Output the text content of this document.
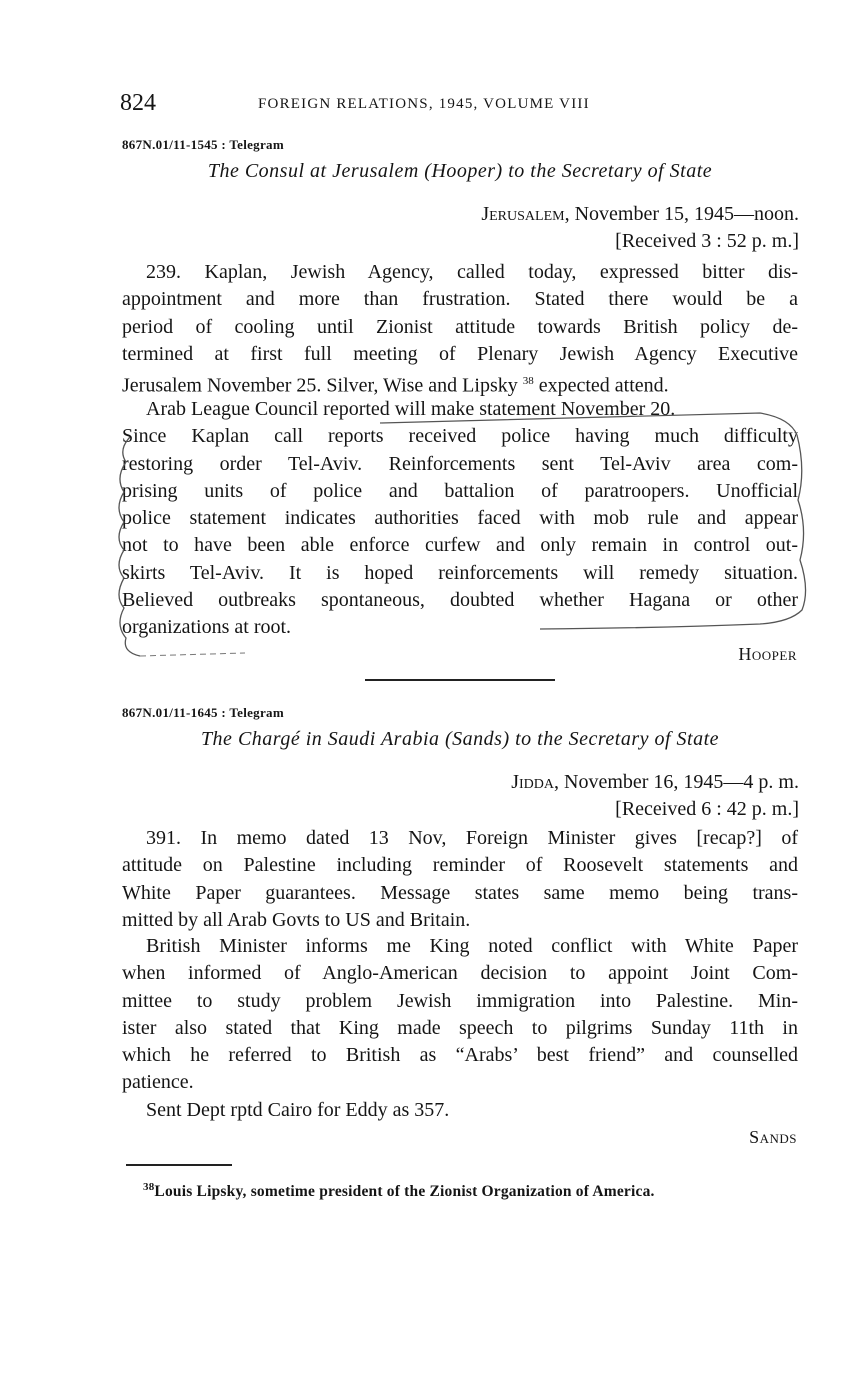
824	FOREIGN RELATIONS, 1945, VOLUME VIII
867N.01/11-1545 : Telegram
The Consul at Jerusalem (Hooper) to the Secretary of State
Jerusalem, November 15, 1945—noon.
[Received 3 : 52 p. m.]
239. Kaplan, Jewish Agency, called today, expressed bitter dis-
appointment and more than frustration. Stated there would be a
period of cooling until Zionist attitude towards British policy de-
termined at first full meeting of Plenary Jewish Agency Executive
Jerusalem November 25. Silver, Wise and Lipsky $^{38}$ expected attend.
Arab League Council reported will make statement November 20.
Since Kaplan call reports received police having much difficulty
restoring order Tel-Aviv. Reinforcements sent Tel-Aviv area com-
prising units of police and battalion of paratroopers. Unofficial
police statement indicates authorities faced with mob rule and appear
not to have been able enforce curfew and only remain in control out-
skirts Tel-Aviv. It is hoped reinforcements will remedy situation.
Believed outbreaks spontaneous, doubted whether Hagana or other
organizations at root.
Hooper
867N.01/11-1645 : Telegram
The Chargé in Saudi Arabia (Sands) to the Secretary of State
Jidda, November 16, 1945—4 p. m.
[Received 6 : 42 p. m.]
391. In memo dated 13 Nov, Foreign Minister gives [recap?] of
attitude on Palestine including reminder of Roosevelt statements and
White Paper guarantees. Message states same memo being trans-
mitted by all Arab Govts to US and Britain.
British Minister informs me King noted conflict with White Paper
when informed of Anglo-American decision to appoint Joint Com-
mittee to study problem Jewish immigration into Palestine. Min-
ister also stated that King made speech to pilgrims Sunday 11th in
which he referred to British as “Arabs’ best friend” and counselled
patience.
Sent Dept rptd Cairo for Eddy as 357.
Sands
$^{38}$Louis Lipsky, sometime president of the Zionist Organization of America.
